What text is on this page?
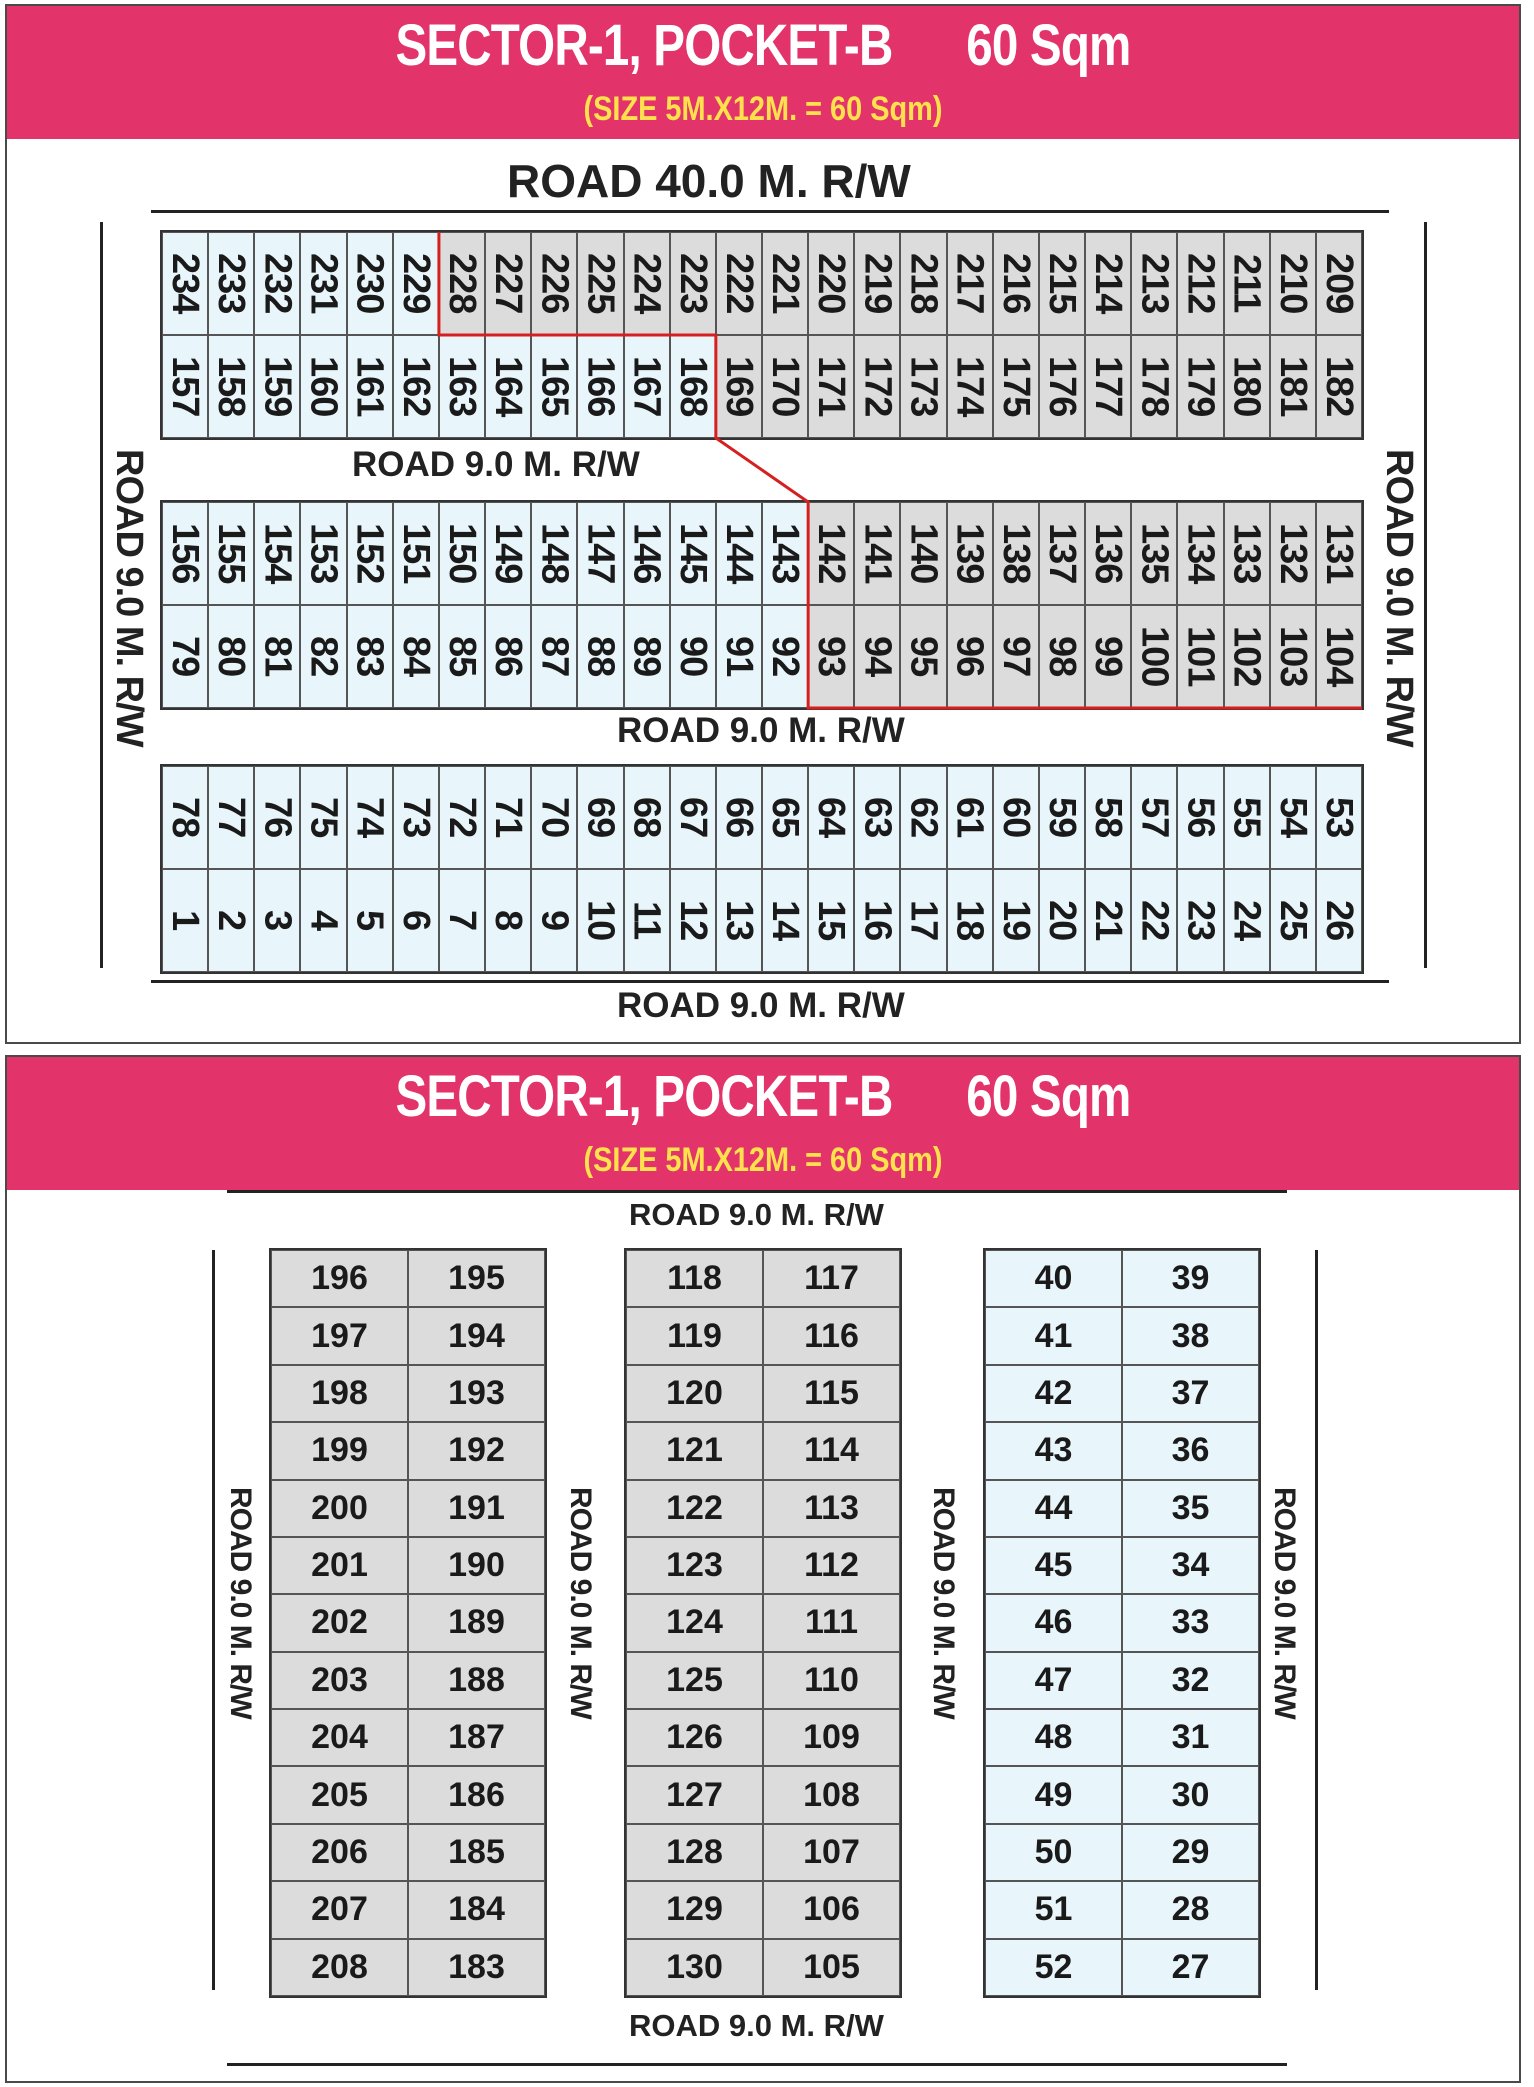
SECTOR-1, POCKET-B 60 Sqm
(SIZE 5M.X12M. = 60 Sqm)
ROAD 40.0 M. R/W
ROAD 9.0 M. R/W	ROAD 9.0 M. R/W
234 233 232 231 230 229 228 227 226 225 224 223 222 221 220 219 218 217 216 215 214 213 212 211 210 209
157 158 159 160 161 162 163 164 165 166 167 168 169 170 171 172 173 174 175 176 177 178 179 180 181 182
ROAD 9.0 M. R/W
156 155 154 153 152 151 150 149 148 147 146 145 144 143 142 141 140 139 138 137 136 135 134 133 132 131
79 80 81 82 83 84 85 86 87 88 89 90 91 92 93 94 95 96 97 98 99 100 101 102 103 104
ROAD 9.0 M. R/W
78 77 76 75 74 73 72 71 70 69 68 67 66 65 64 63 62 61 60 59 58 57 56 55 54 53
1 2 3 4 5 6 7 8 9 10 11 12 13 14 15 16 17 18 19 20 21 22 23 24 25 26
ROAD 9.0 M. R/W
SECTOR-1, POCKET-B 60 Sqm
(SIZE 5M.X12M. = 60 Sqm)
ROAD 9.0 M. R/W
ROAD 9.0 M. R/W	ROAD 9.0 M. R/W	ROAD 9.0 M. R/W	ROAD 9.0 M. R/W
196 195
197 194
198 193
199 192
200 191
201 190
202 189
203 188
204 187
205 186
206 185
207 184
208 183
118 117
119 116
120 115
121 114
122 113
123 112
124 111
125 110
126 109
127 108
128 107
129 106
130 105
40	39
41	38
42	37
43	36
44	35
45	34
46	33
47	32
48	31
49	30
50	29
51	28
52	27
ROAD 9.0 M. R/W
